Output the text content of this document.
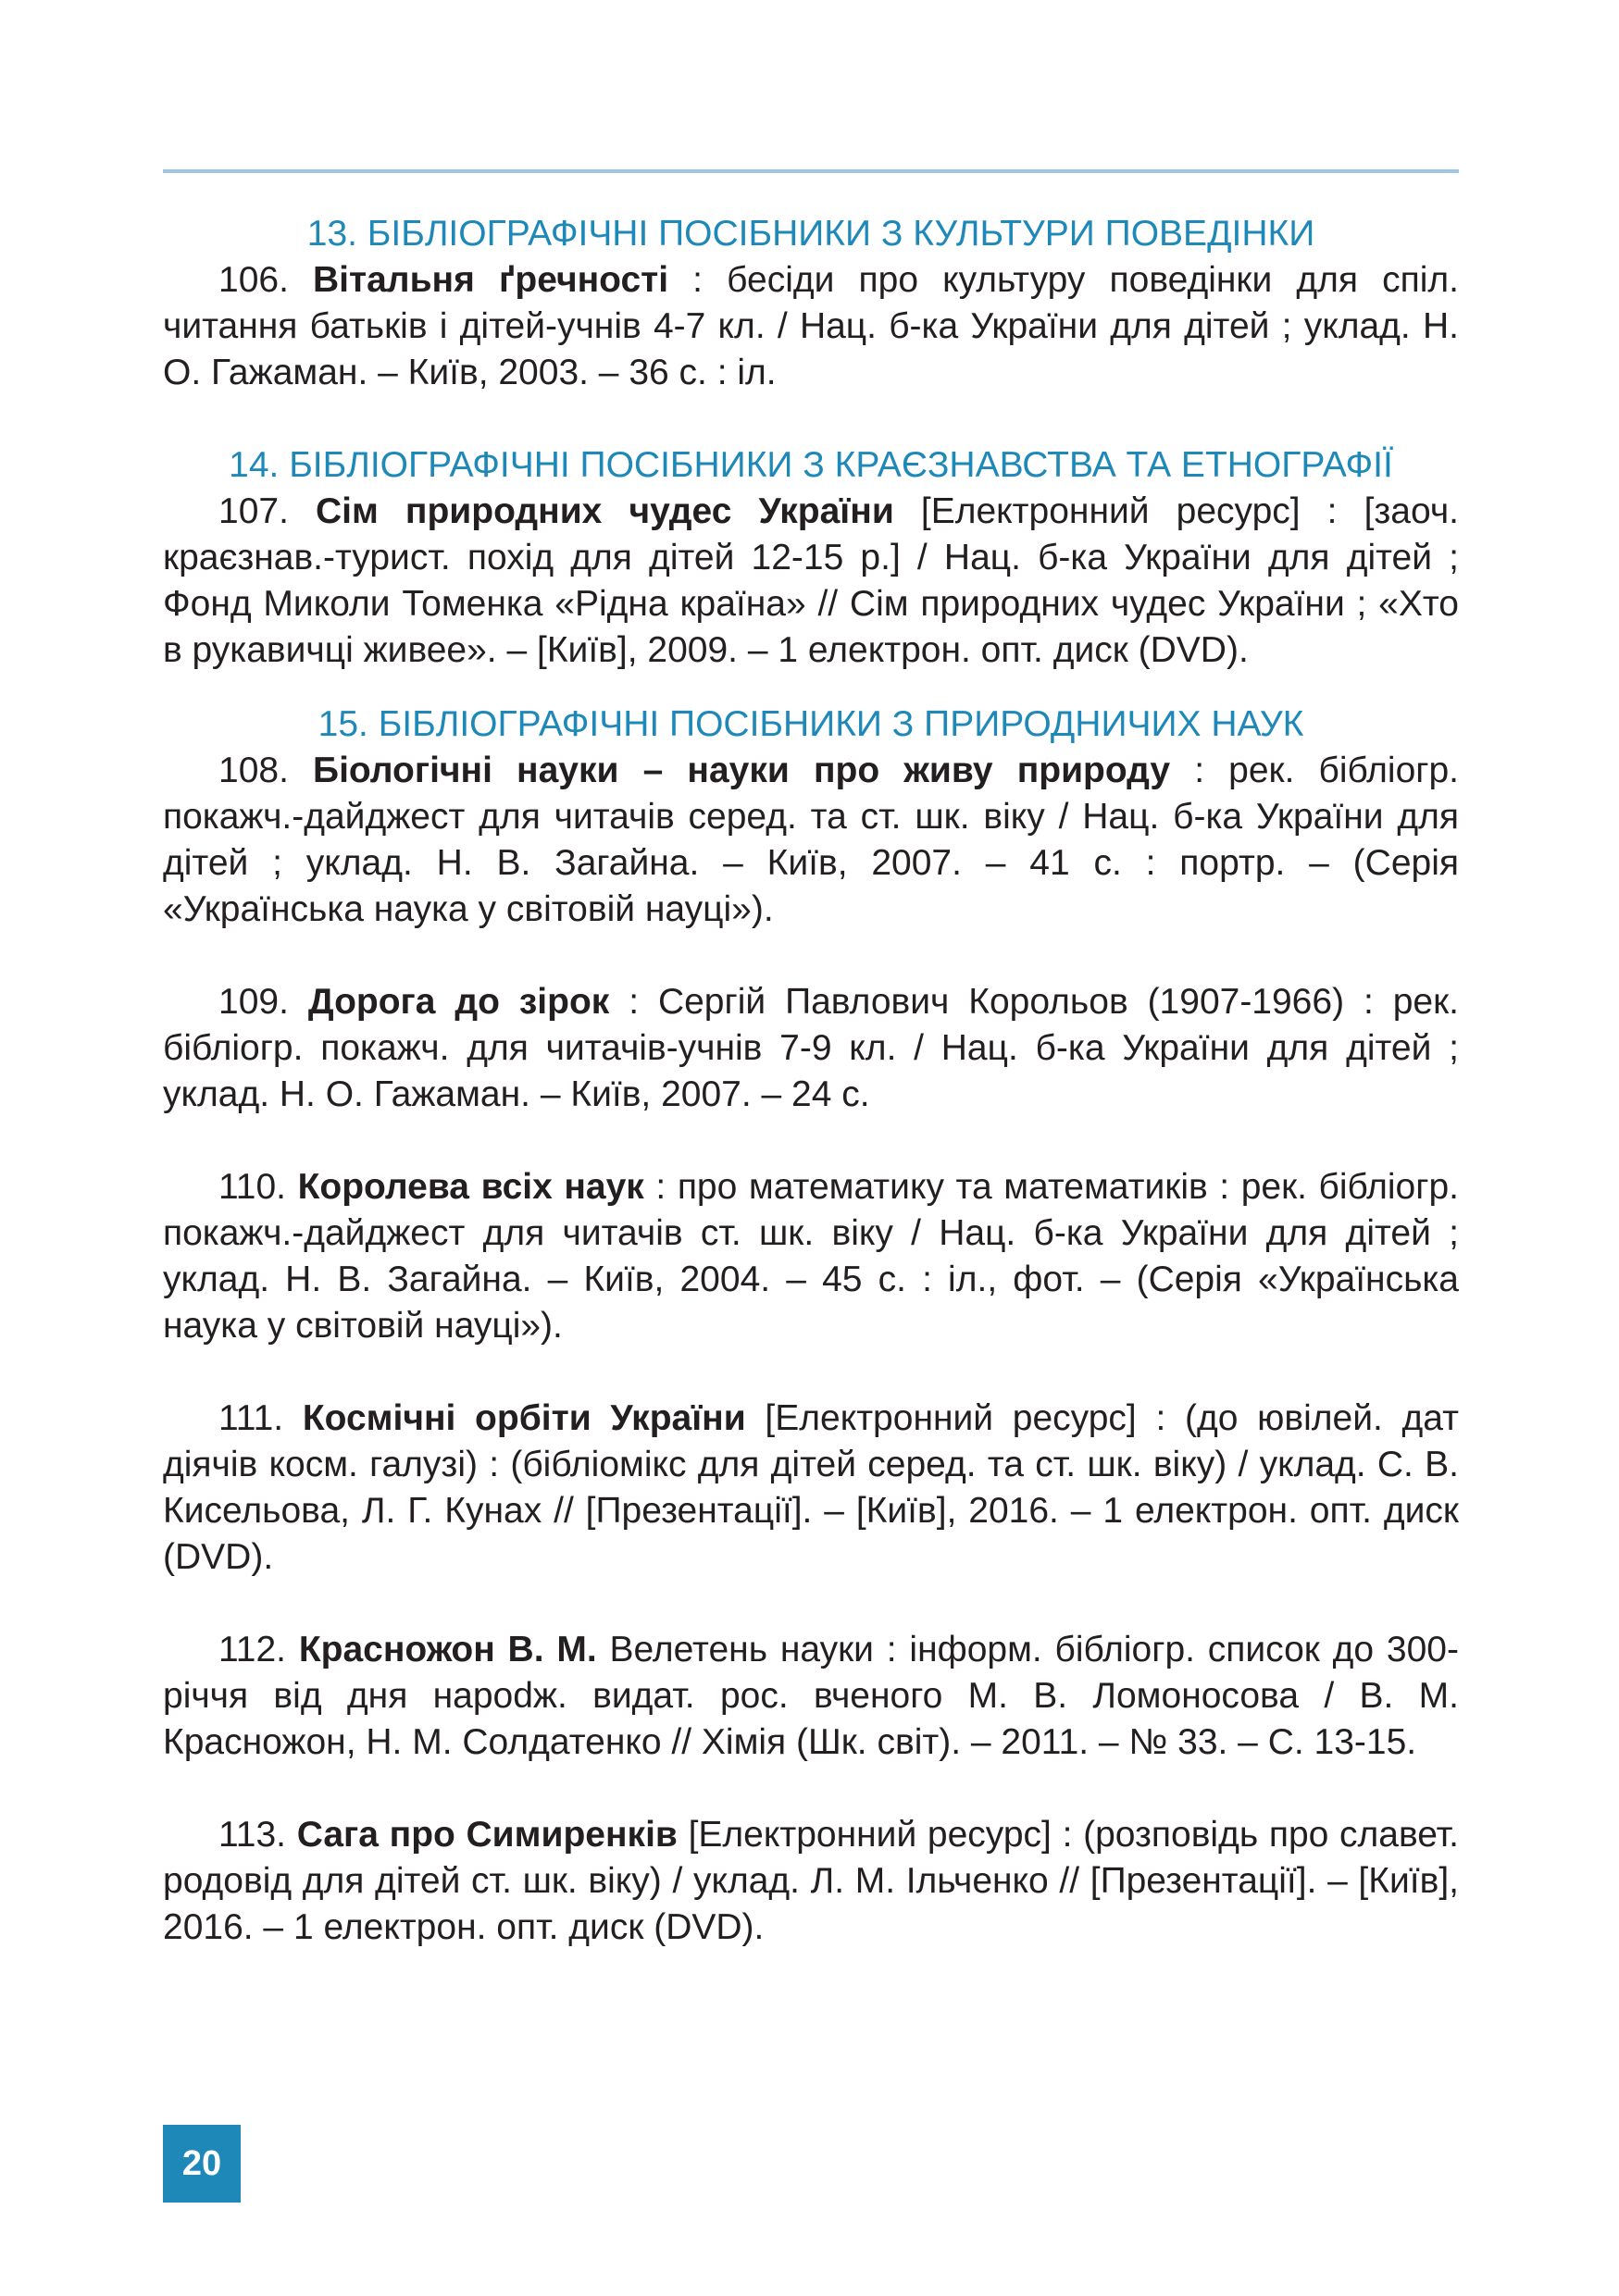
13. БІБЛІОГРАФІЧНІ ПОСІБНИКИ З КУЛЬТУРИ ПОВЕДІНКИ

106. Вітальня ґречності : бесіди про культуру поведінки для спіл. читання батьків і дітей-учнів 4-7 кл. / Нац. б-ка України для дітей ; уклад. Н. О. Гажаман. – Київ, 2003. – 36 с. : іл.

14. БІБЛІОГРАФІЧНІ ПОСІБНИКИ З КРАЄЗНАВСТВА ТА ЕТНОГРАФІЇ

107. Сім природних чудес України [Електронний ресурс] : [заоч. краєзнав.-турист. похід для дітей 12-15 р.] / Нац. б-ка України для дітей ; Фонд Миколи Томенка «Рідна країна» // Сім природних чудес України ; «Хто в рукавичці живее». – [Київ], 2009. – 1 електрон. опт. диск (DVD).

15. БІБЛІОГРАФІЧНІ ПОСІБНИКИ З ПРИРОДНИЧИХ НАУК

108. Біологічні науки – науки про живу природу : рек. бібліогр. покажч.-дайджест для читачів серед. та ст. шк. віку / Нац. б-ка України для дітей ; уклад. Н. В. Загайна. – Київ, 2007. – 41 с. : портр. – (Серія «Українська наука у світовій науці»).

109. Дорога до зірок : Сергій Павлович Корольов (1907-1966) : рек. бібліогр. покажч. для читачів-учнів 7-9 кл. / Нац. б-ка України для дітей ; уклад. Н. О. Гажаман. – Київ, 2007. – 24 с.

110. Королева всіх наук : про математику та математиків : рек. бібліогр. покажч.-дайджест для читачів ст. шк. віку / Нац. б-ка України для дітей ; уклад. Н. В. Загайна. – Київ, 2004. – 45 с. : іл., фот. – (Серія «Українська наука у світовій науці»).

111. Космічні орбіти України [Електронний ресурс] : (до ювілей. дат діячів косм. галузі) : (бібліомікс для дітей серед. та ст. шк. віку) / уклад. С. В. Кисельова, Л. Г. Кунах // [Презентації]. – [Київ], 2016. – 1 електрон. опт. диск (DVD).

112. Красножон В. М. Велетень науки : інформ. бібліогр. список до 300-річчя від дня нарodж. видат. рос. вченого М. В. Ломоносова / В. М. Красножон, Н. М. Солдатенко // Хімія (Шк. світ). – 2011. – № 33. – С. 13-15.

113. Сага про Симиренків [Електронний ресурс] : (розповідь про славет. родовід для дітей ст. шк. віку) / уклад. Л. М. Ільченко // [Презентації]. – [Київ], 2016. – 1 електрон. опт. диск (DVD).

20
